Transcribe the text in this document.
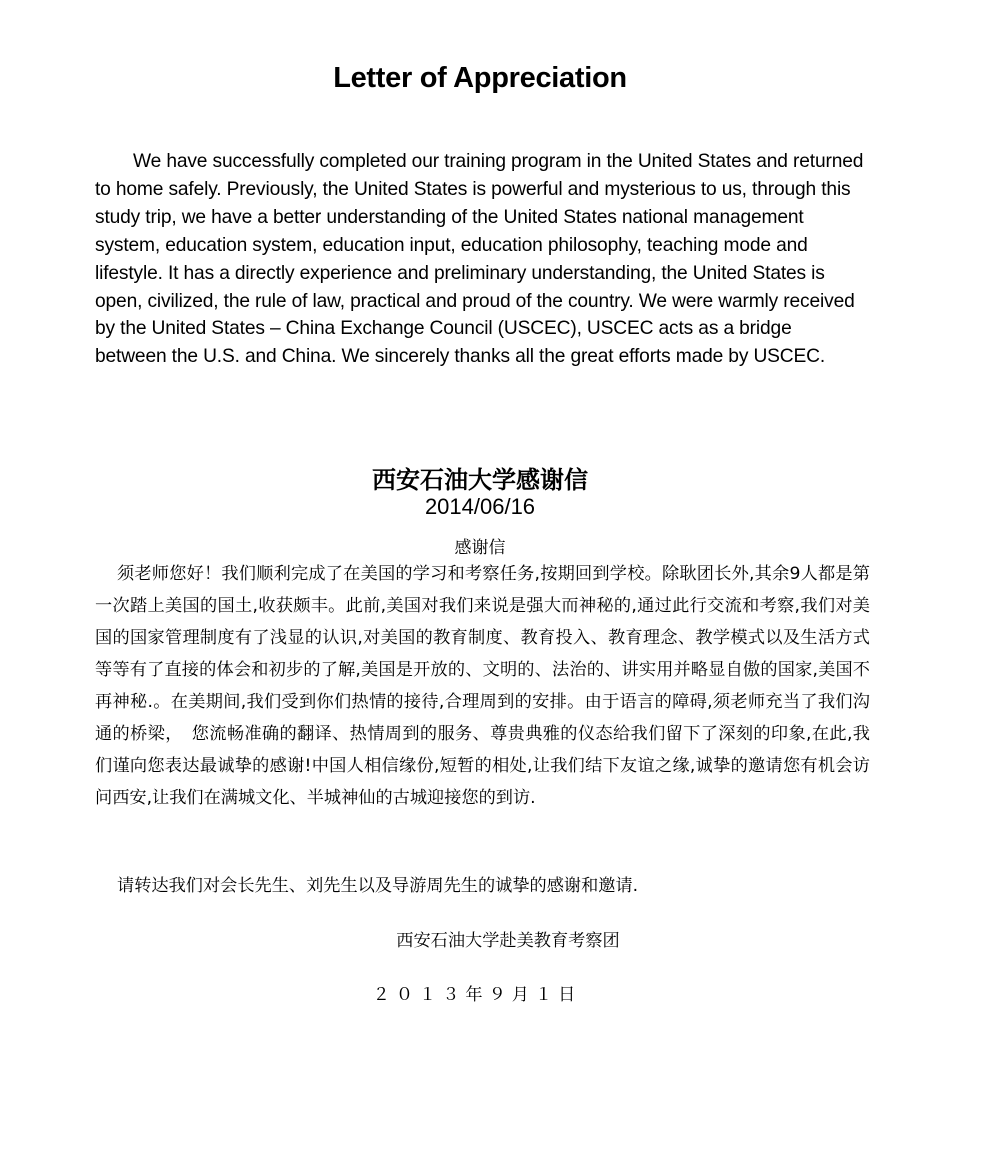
Letter of Appreciation

We have successfully completed our training program in the United States and returned to home safely. Previously, the United States is powerful and mysterious to us, through this study trip, we have a better understanding of the United States national management system, education system, education input, education philosophy, teaching mode and lifestyle. It has a directly experience and preliminary understanding, the United States is open, civilized, the rule of law, practical and proud of the country. We were warmly received by the United States – China Exchange Council (USCEC), USCEC acts as a bridge between the U.S. and China. We sincerely thanks all the great efforts made by USCEC.

西安石油大学感谢信
2014/06/16
感谢信

须老师您好！我们顺利完成了在美国的学习和考察任务,按期回到学校。除耿团长外,其余9人都是第一次踏上美国的国土,收获颇丰。此前,美国对我们来说是强大而神秘的,通过此行交流和考察,我们对美国的国家管理制度有了浅显的认识,对美国的教育制度、教育投入、教育理念、教学模式以及生活方式等等有了直接的体会和初步的了解,美国是开放的、文明的、法治的、讲实用并略显自傲的国家,美国不再神秘.。在美期间,我们受到你们热情的接待,合理周到的安排。由于语言的障碍,须老师充当了我们沟通的桥梁，　您流畅准确的翻译、热情周到的服务、尊贵典雅的仪态给我们留下了深刻的印象,在此,我们谨向您表达最诚挚的感谢!中国人相信缘份,短暂的相处,让我们结下友谊之缘,诚挚的邀请您有机会访问西安,让我们在满城文化、半城神仙的古城迎接您的到访.

请转达我们对会长先生、刘先生以及导游周先生的诚挚的感谢和邀请.

西安石油大学赴美教育考察团
２０１３年９月１日
